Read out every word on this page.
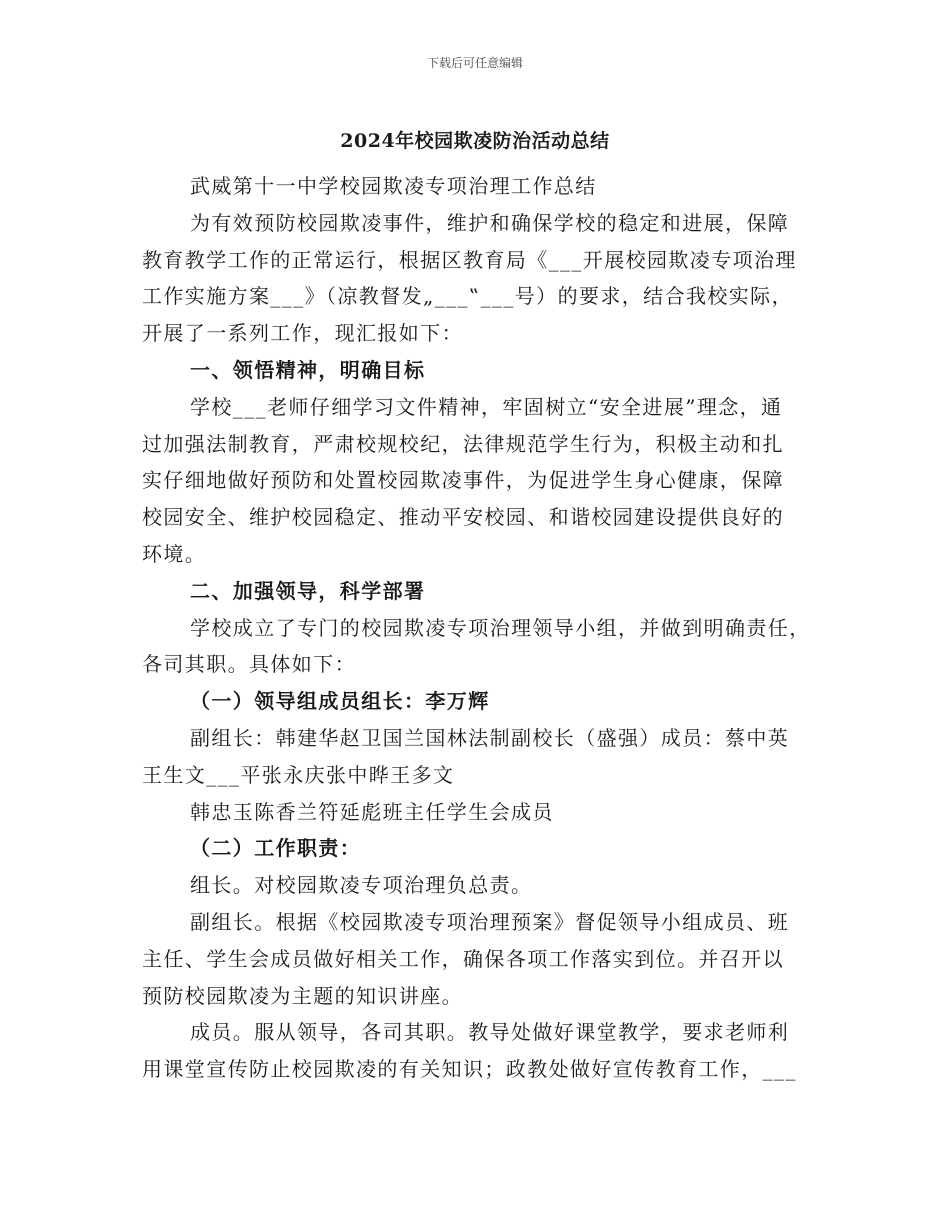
下载后可任意编辑
2024年校园欺凌防治活动总结
武威第十一中学校园欺凌专项治理工作总结
为有效预防校园欺凌事件，维护和确保学校的稳定和进展，保障
教育教学工作的正常运行，根据区教育局《___开展校园欺凌专项治理
工作实施方案___》（凉教督发„___‟___号）的要求，结合我校实际，
开展了一系列工作，现汇报如下：
一、领悟精神，明确目标
学校___老师仔细学习文件精神，牢固树立“安全进展”理念，通
过加强法制教育，严肃校规校纪，法律规范学生行为，积极主动和扎
实仔细地做好预防和处置校园欺凌事件，为促进学生身心健康，保障
校园安全、维护校园稳定、推动平安校园、和谐校园建设提供良好的
环境。
二、加强领导，科学部署
学校成立了专门的校园欺凌专项治理领导小组，并做到明确责任，
各司其职。具体如下：
（一）领导组成员组长：李万辉
副组长：韩建华赵卫国兰国林法制副校长（盛强）成员：蔡中英
王生文___平张永庆张中晔王多文
韩忠玉陈香兰符延彪班主任学生会成员
（二）工作职责：
组长。对校园欺凌专项治理负总责。
副组长。根据《校园欺凌专项治理预案》督促领导小组成员、班
主任、学生会成员做好相关工作，确保各项工作落实到位。并召开以
预防校园欺凌为主题的知识讲座。
成员。服从领导，各司其职。教导处做好课堂教学，要求老师利
用课堂宣传防止校园欺凌的有关知识；政教处做好宣传教育工作，___
